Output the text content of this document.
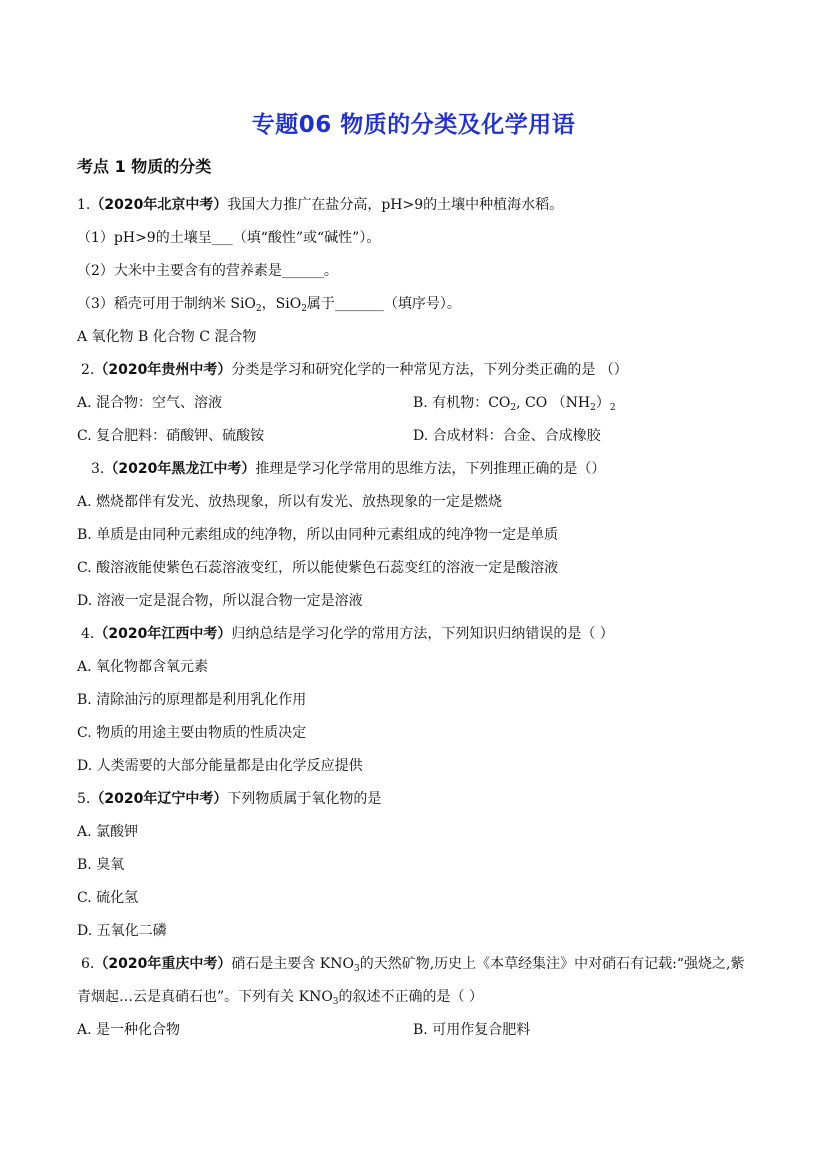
专题06 物质的分类及化学用语
考点 1 物质的分类
1.（2020年北京中考）我国大力推广在盐分高，pH>9的土壤中种植海水稻。
（1）pH>9的土壤呈___（填“酸性”或“碱性”）。
（2）大米中主要含有的营养素是______。
（3）稻壳可用于制纳米 SiO$_2$，SiO$_2$属于_______（填序号）。
A 氧化物 B 化合物 C 混合物
2.（2020年贵州中考）分类是学习和研究化学的一种常见方法，下列分类正确的是 （）
A. 混合物：空气、溶液	B. 有机物：$CO_2$, CO $(NH_2)_2$
C. 复合肥料：硝酸钾、硫酸铵	D. 合成材料：合金、合成橡胶
3.（2020年黑龙江中考）推理是学习化学常用的思维方法，下列推理正确的是（）
A. 燃烧都伴有发光、放热现象，所以有发光、放热现象的一定是燃烧
B. 单质是由同种元素组成的纯净物，所以由同种元素组成的纯净物一定是单质
C. 酸溶液能使紫色石蕊溶液变红，所以能使紫色石蕊变红的溶液一定是酸溶液
D. 溶液一定是混合物，所以混合物一定是溶液
4.（2020年江西中考）归纳总结是学习化学的常用方法，下列知识归纳错误的是（ ）
A. 氧化物都含氧元素
B. 清除油污的原理都是利用乳化作用
C. 物质的用途主要由物质的性质决定
D. 人类需要的大部分能量都是由化学反应提供
5.（2020年辽宁中考）下列物质属于氧化物的是
A. 氯酸钾
B. 臭氧
C. 硫化氢
D. 五氧化二磷
6.（2020年重庆中考）硝石是主要含 $KNO_3$的天然矿物,历史上《本草经集注》中对硝石有记载:“强烧之,紫
青烟起…云是真硝石也”。下列有关 $KNO_3$的叙述不正确的是（ ）
A. 是一种化合物	B. 可用作复合肥料
